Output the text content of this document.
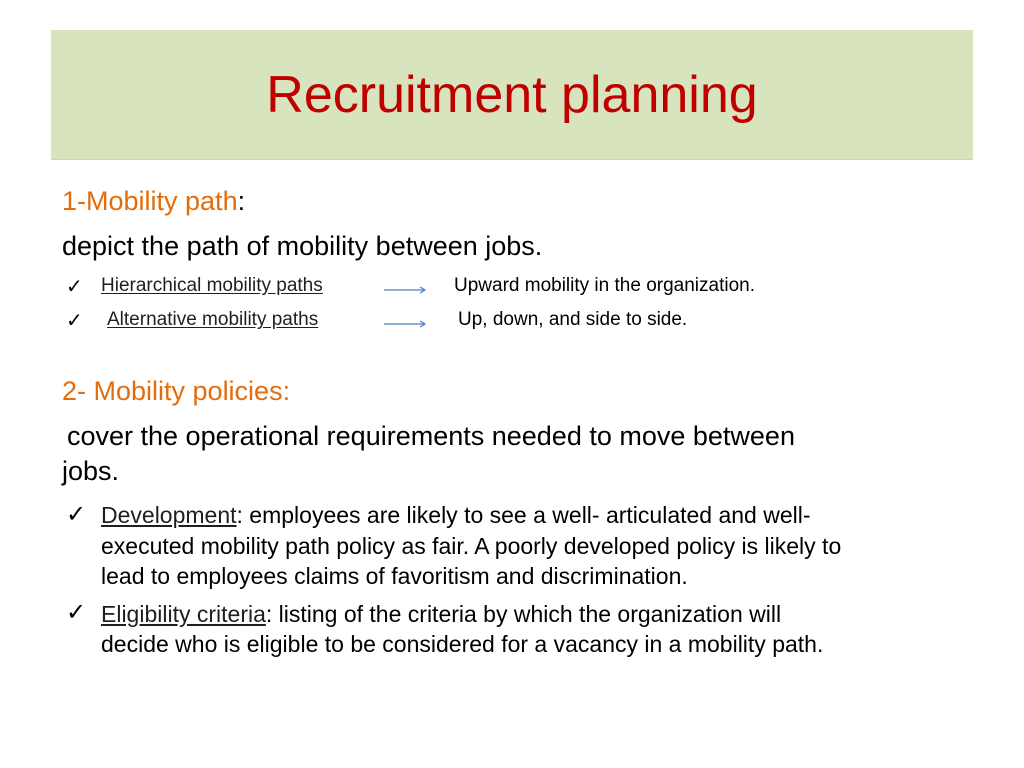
Recruitment planning
1-Mobility path:
depict the path of mobility between jobs.
✓ Hierarchical mobility paths	Upward mobility in the organization.
✓ Alternative mobility paths	Up, down, and side to side.
2- Mobility policies:
cover the operational requirements needed to move between
jobs.
✓ Development: employees are likely to see a well- articulated and well-
executed mobility path policy as fair. A poorly developed policy is likely to
lead to employees claims of favoritism and discrimination.
✓ Eligibility criteria: listing of the criteria by which the organization will
decide who is eligible to be considered for a vacancy in a mobility path.
